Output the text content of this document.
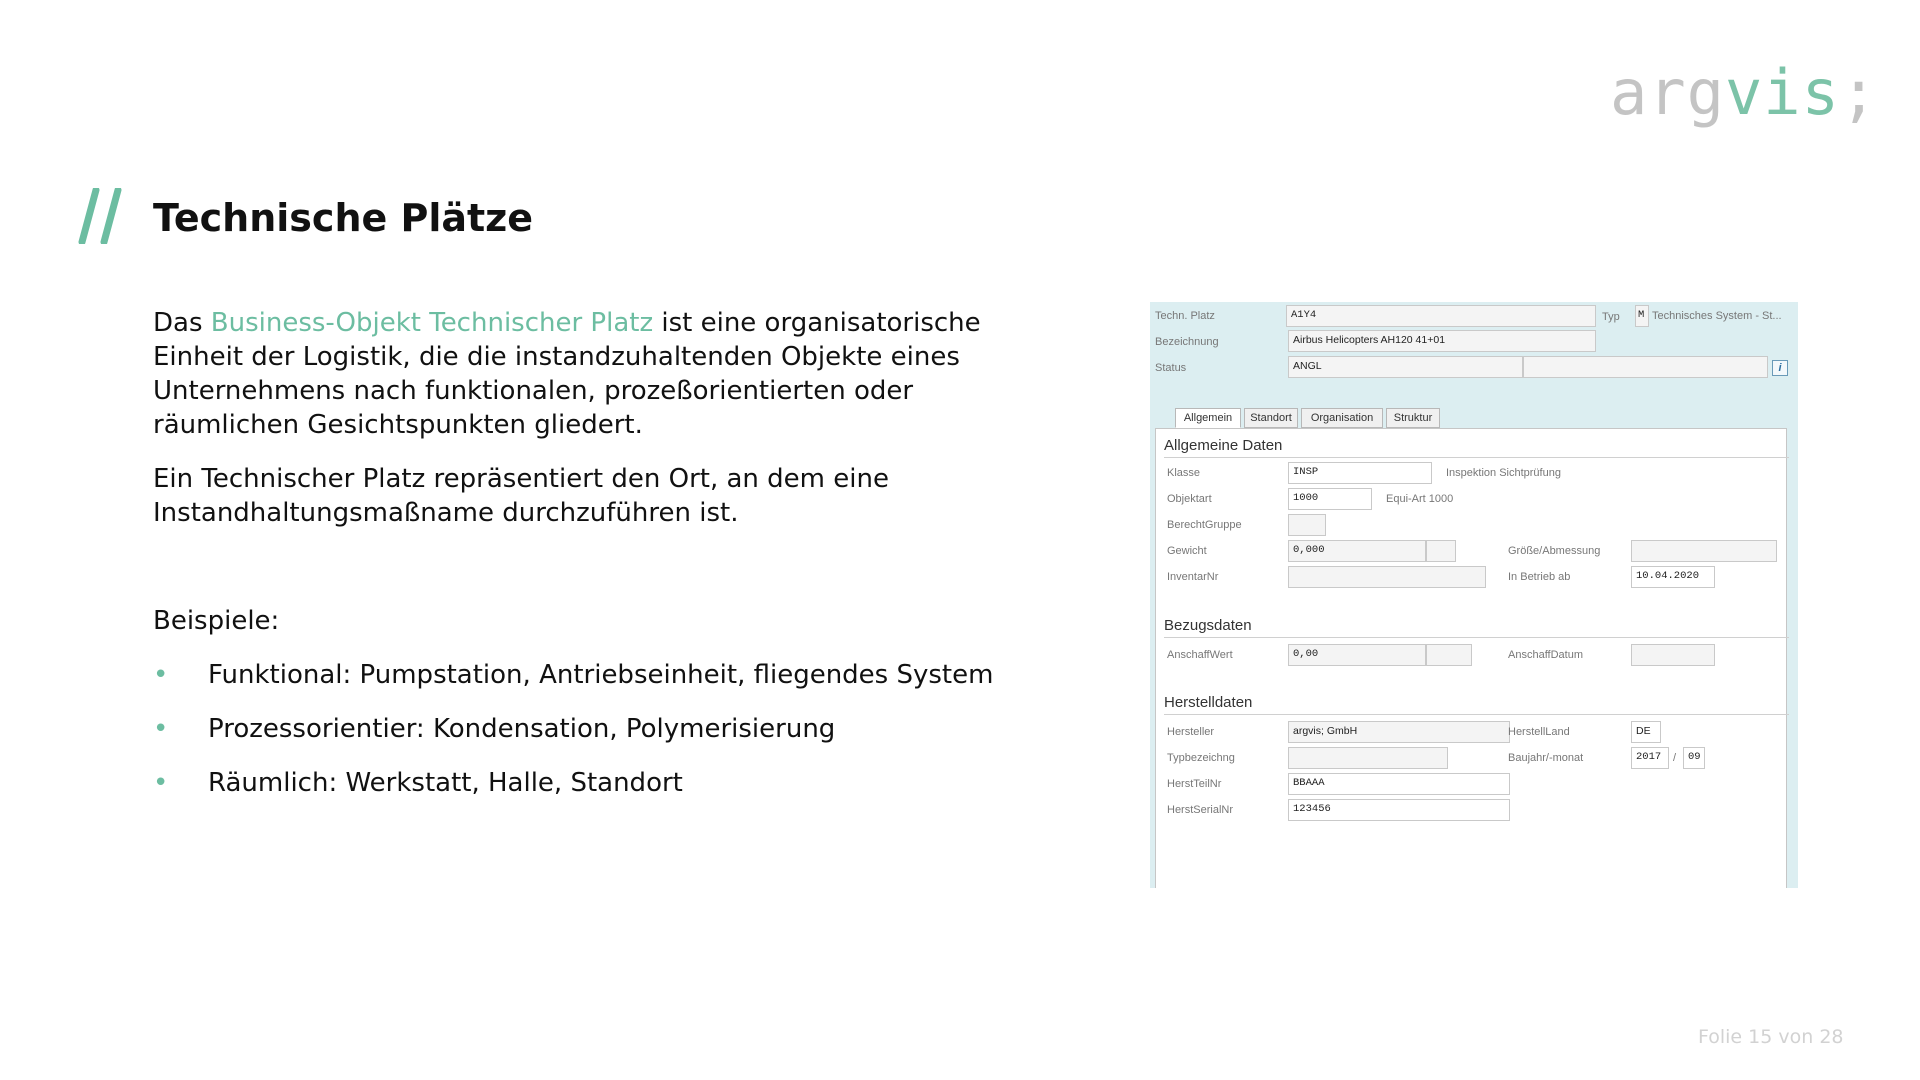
argvis;
Technische Plätze

Das Business-Objekt Technischer Platz ist eine organisatorische Einheit der Logistik, die die instandzuhaltenden Objekte eines Unternehmens nach funktionalen, prozeßorientierten oder räumlichen Gesichtspunkten gliedert.

Ein Technischer Platz repräsentiert den Ort, an dem eine Instandhaltungsmaßname durchzuführen ist.

Beispiele:

• Funktional: Pumpstation, Antriebseinheit, fliegendes System
• Prozessorientier: Kondensation, Polymerisierung
• Räumlich: Werkstatt, Halle, Standort
Techn. Platz	A1Y4	Typ M Technisches System - St...
Bezeichnung	Airbus Helicopters AH120 41+01
Status	ANGL	i
Allgemein	Standort	Organisation	Struktur
Allgemeine Daten
Klasse	INSP	Inspektion Sichtprüfung
Objektart	1000	Equi-Art 1000
BerechtGruppe
Gewicht	0,000	Größe/Abmessung
InventarNr	In Betrieb ab	10.04.2020
Bezugsdaten
AnschaffWert	0,00	AnschaffDatum
Herstelldaten
Hersteller	argvis; GmbH	HerstellLand	DE
Typbezeichng	Baujahr/-monat	2017	/	09
HerstTeilNr	BBAAA
HerstSerialNr	123456
Folie 15 von 28
